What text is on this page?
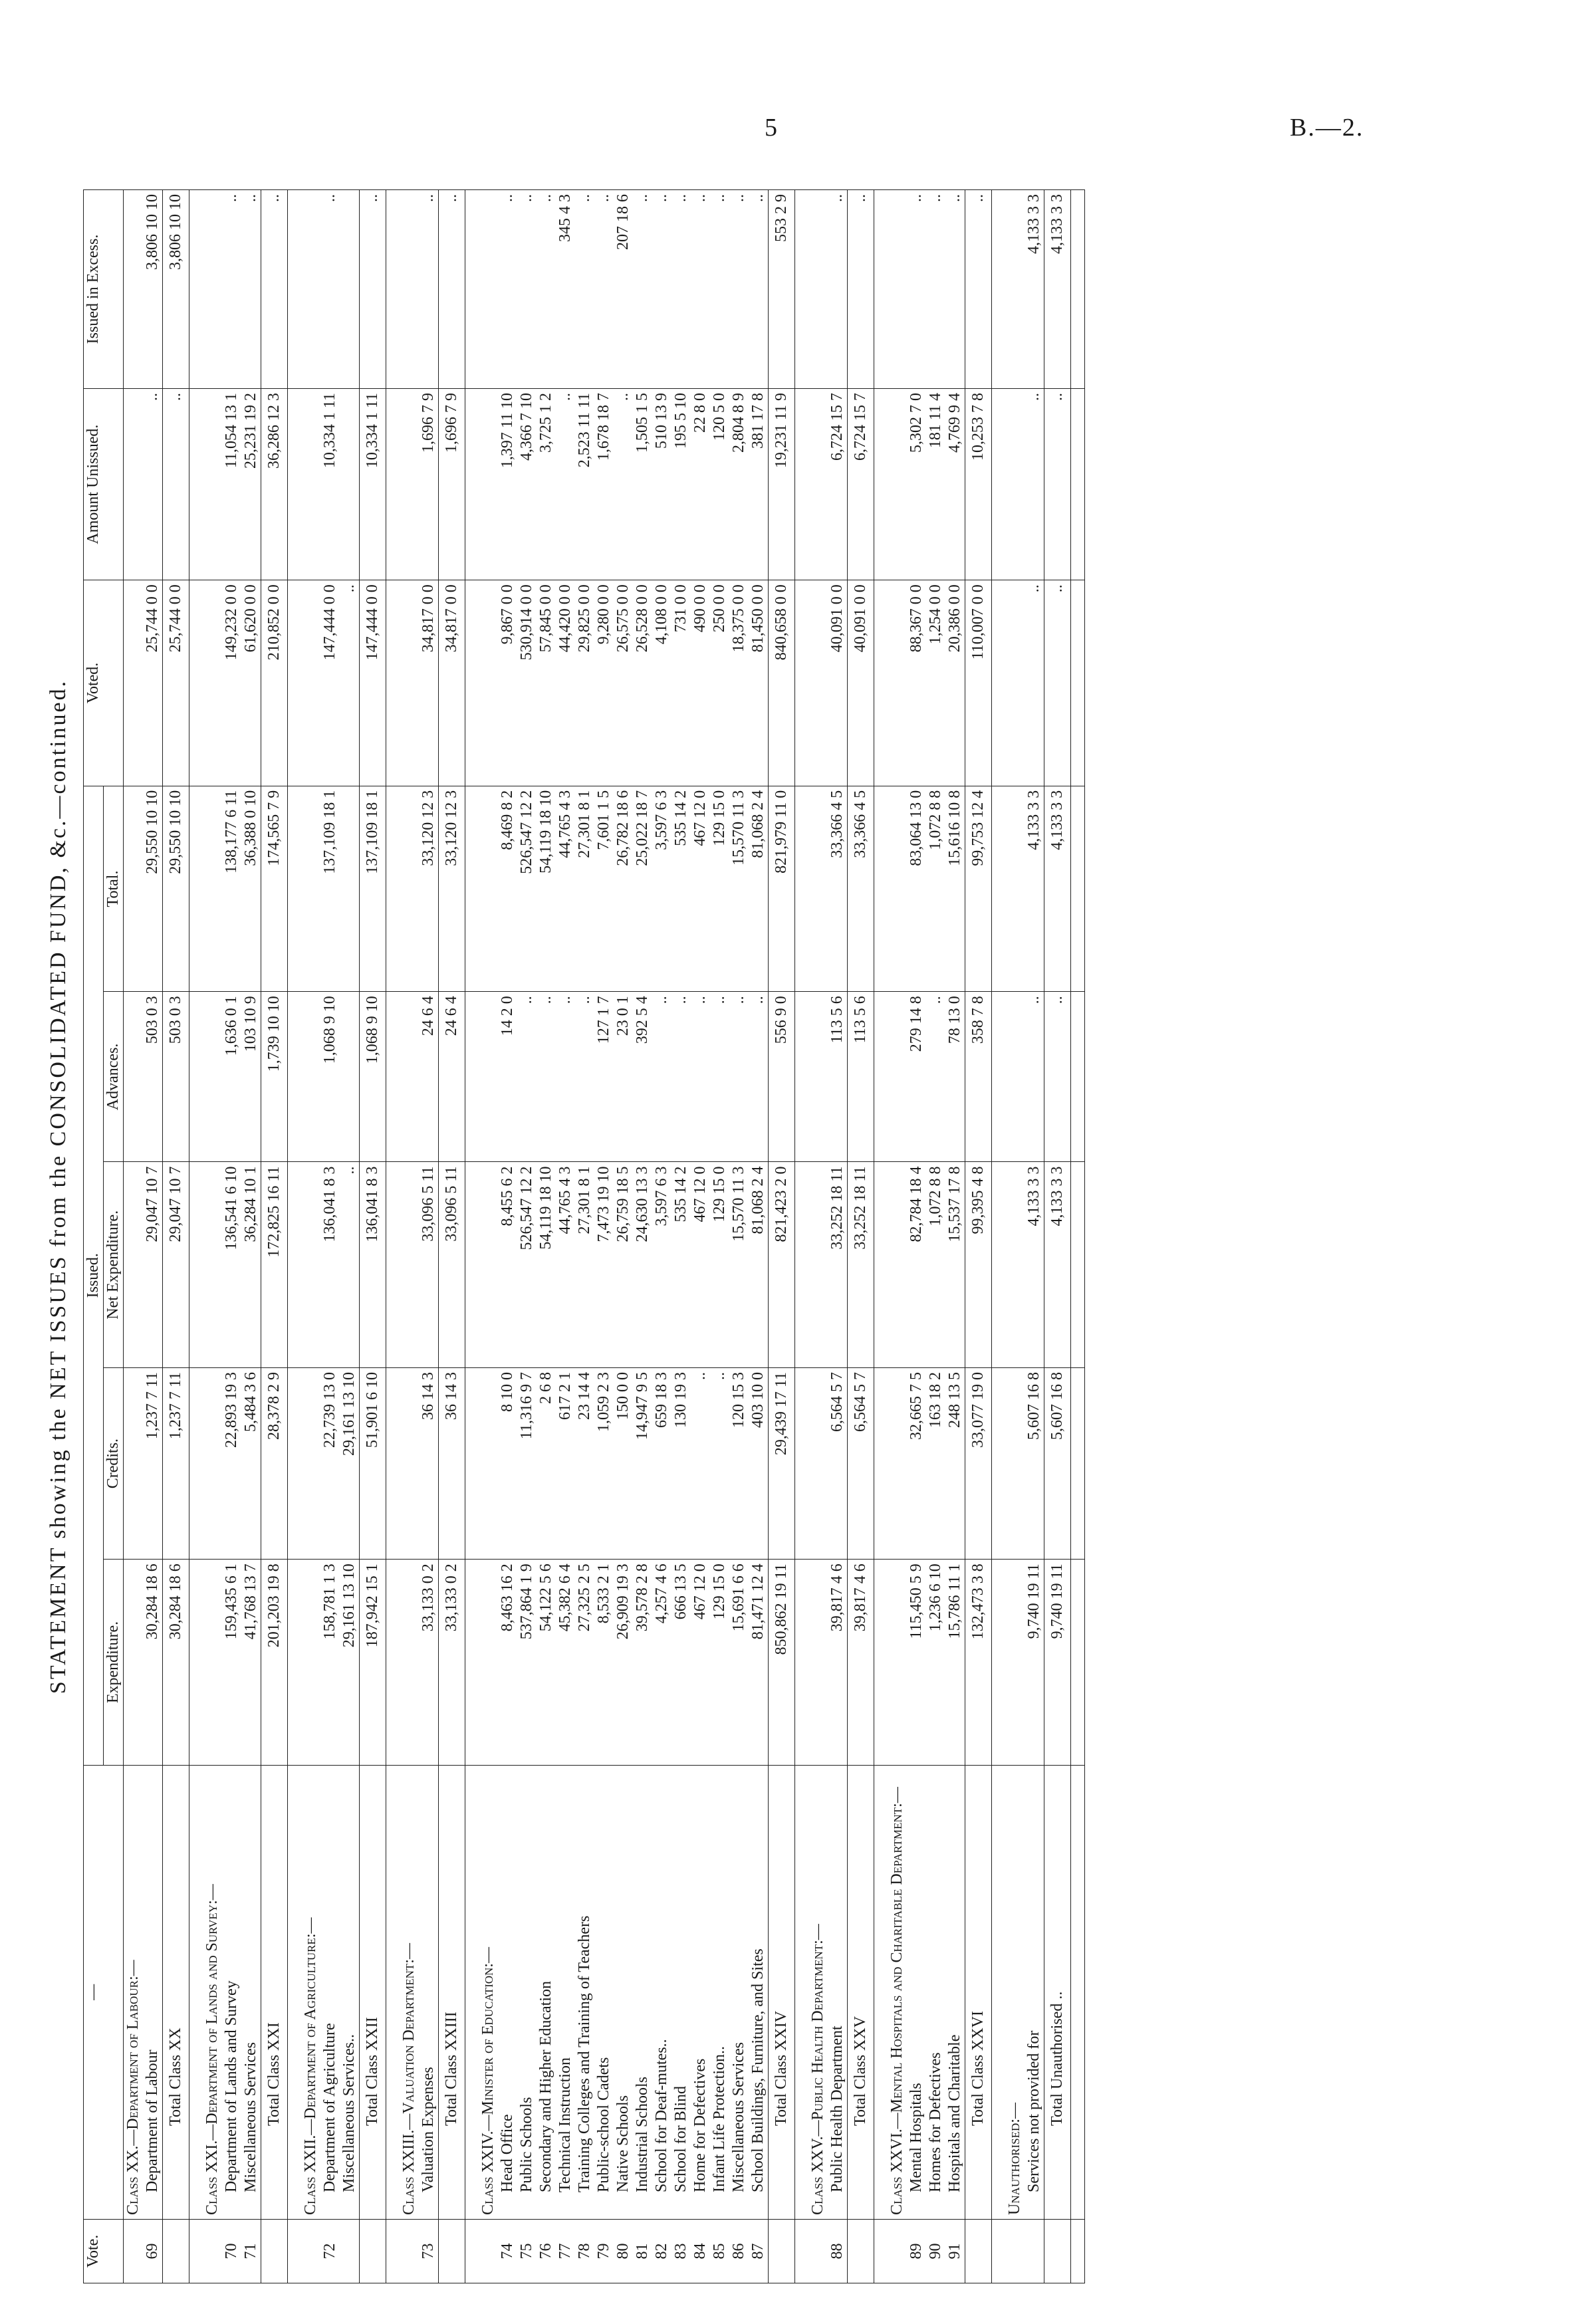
5	B.—2.
STATEMENT showing the NET ISSUES from the CONSOLIDATED FUND, &c.—continued.
Vote.	—	Issued.					Voted.	Amount Unissued.	Issued in Excess.
		Expenditure.	Credits.	Net Expenditure.	Advances.	Total.			
	Class XX.—Department of Labour:—								
69	Department of Labour	30,284 18 6	1,237 7 11	29,047 10 7	503 0 3	29,550 10 10	25,744 0 0	..	3,806 10 10
	Total Class XX	30,284 18 6	1,237 7 11	29,047 10 7	503 0 3	29,550 10 10	25,744 0 0	..	3,806 10 10

	Class XXI.—Department of Lands and Survey:—								
70	Department of Lands and Survey	159,435 6 1	22,893 19 3	136,541 6 10	1,636 0 1	138,177 6 11	149,232 0 0	11,054 13 1	..
71	Miscellaneous Services	41,768 13 7	5,484 3 6	36,284 10 1	103 10 9	36,388 0 10	61,620 0 0	25,231 19 2	..
	Total Class XXI	201,203 19 8	28,378 2 9	172,825 16 11	1,739 10 10	174,565 7 9	210,852 0 0	36,286 12 3	..

	Class XXII.—Department of Agriculture:—								
72	Department of Agriculture	158,781 1 3	22,739 13 0	136,041 8 3	1,068 9 10	137,109 18 1	147,444 0 0	10,334 1 11	..
	Miscellaneous Services..	29,161 13 10	29,161 13 10	..			..		
	Total Class XXII	187,942 15 1	51,901 6 10	136,041 8 3	1,068 9 10	137,109 18 1	147,444 0 0	10,334 1 11	..

	Class XXIII.—Valuation Department:—								
73	Valuation Expenses	33,133 0 2	36 14 3	33,096 5 11	24 6 4	33,120 12 3	34,817 0 0	1,696 7 9	..
	Total Class XXIII	33,133 0 2	36 14 3	33,096 5 11	24 6 4	33,120 12 3	34,817 0 0	1,696 7 9	..

	Class XXIV.—Minister of Education:—								
74	Head Office	8,463 16 2	8 10 0	8,455 6 2	14 2 0	8,469 8 2	9,867 0 0	1,397 11 10	..
75	Public Schools	537,864 1 9	11,316 9 7	526,547 12 2	..	526,547 12 2	530,914 0 0	4,366 7 10	..
76	Secondary and Higher Education	54,122 5 6	2 6 8	54,119 18 10	..	54,119 18 10	57,845 0 0	3,725 1 2	..
77	Technical Instruction	45,382 6 4	617 2 1	44,765 4 3	..	44,765 4 3	44,420 0 0	..	345 4 3
78	Training Colleges and Training of Teachers	27,325 2 5	23 14 4	27,301 8 1	..	27,301 8 1	29,825 0 0	2,523 11 11	..
79	Public-school Cadets	8,533 2 1	1,059 2 3	7,473 19 10	127 1 7	7,601 1 5	9,280 0 0	1,678 18 7	..
80	Native Schools	26,909 19 3	150 0 0	26,759 18 5	23 0 1	26,782 18 6	26,575 0 0	..	207 18 6
81	Industrial Schools	39,578 2 8	14,947 9 5	24,630 13 3	392 5 4	25,022 18 7	26,528 0 0	1,505 1 5	..
82	School for Deaf-mutes..	4,257 4 6	659 18 3	3,597 6 3	..	3,597 6 3	4,108 0 0	510 13 9	..
83	School for Blind	666 13 5	130 19 3	535 14 2	..	535 14 2	731 0 0	195 5 10	..
84	Home for Defectives	467 12 0	..	467 12 0	..	467 12 0	490 0 0	22 8 0	..
85	Infant Life Protection..	129 15 0	..	129 15 0	..	129 15 0	250 0 0	120 5 0	..
86	Miscellaneous Services	15,691 6 6	120 15 3	15,570 11 3	..	15,570 11 3	18,375 0 0	2,804 8 9	..
87	School Buildings, Furniture, and Sites	81,471 12 4	403 10 0	81,068 2 4	..	81,068 2 4	81,450 0 0	381 17 8	..
	Total Class XXIV	850,862 19 11	29,439 17 11	821,423 2 0	556 9 0	821,979 11 0	840,658 0 0	19,231 11 9	553 2 9

	Class XXV.—Public Health Department:—								
88	Public Health Department	39,817 4 6	6,564 5 7	33,252 18 11	113 5 6	33,366 4 5	40,091 0 0	6,724 15 7	..
	Total Class XXV	39,817 4 6	6,564 5 7	33,252 18 11	113 5 6	33,366 4 5	40,091 0 0	6,724 15 7	..

	Class XXVI.—Mental Hospitals and Charitable Department:—								
89	Mental Hospitals	115,450 5 9	32,665 7 5	82,784 18 4	279 14 8	83,064 13 0	88,367 0 0	5,302 7 0	..
90	Homes for Defectives	1,236 6 10	163 18 2	1,072 8 8	..	1,072 8 8	1,254 0 0	181 11 4	..
91	Hospitals and Charitable	15,786 11 1	248 13 5	15,537 17 8	78 13 0	15,616 10 8	20,386 0 0	4,769 9 4	..
	Total Class XXVI	132,473 3 8	33,077 19 0	99,395 4 8	358 7 8	99,753 12 4	110,007 0 0	10,253 7 8	..

	Unauthorised:—								
	Services not provided for	9,740 19 11	5,607 16 8	4,133 3 3	..	4,133 3 3	..	..	4,133 3 3
	Total Unauthorised ..	9,740 19 11	5,607 16 8	4,133 3 3	..	4,133 3 3	..	..	4,133 3 3
